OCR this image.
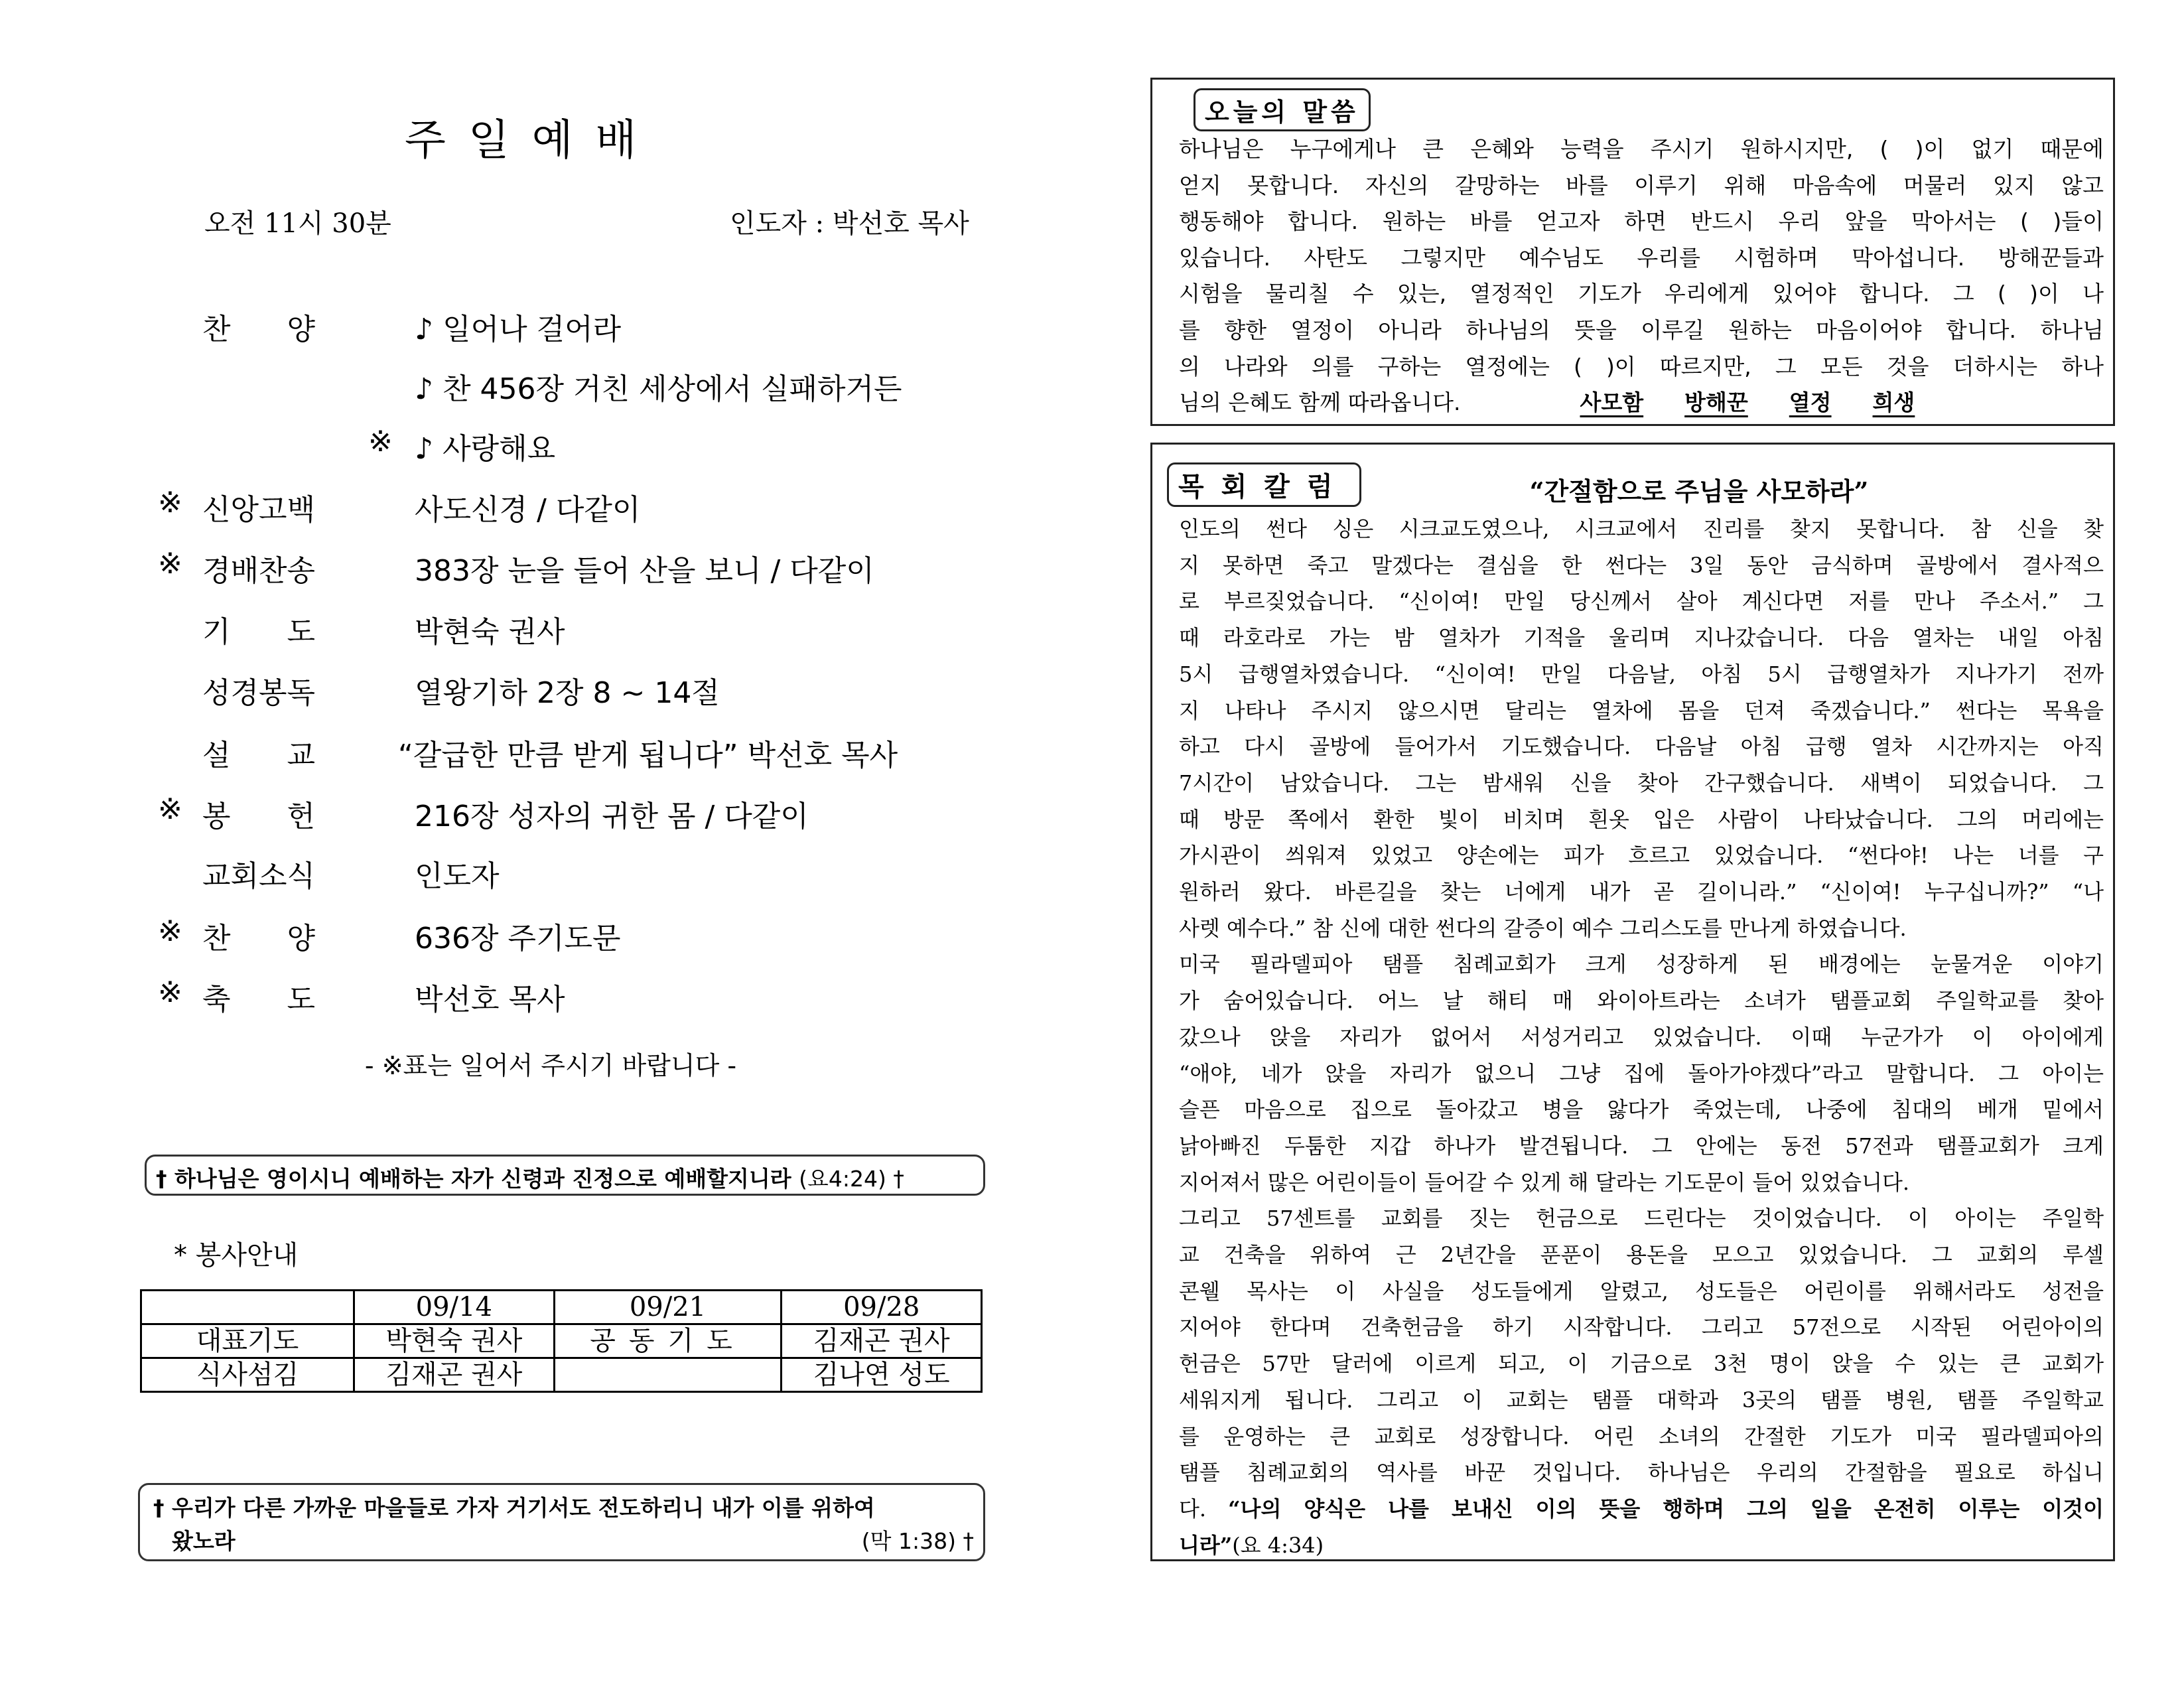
주일예배
오전 11시 30분	인도자 : 박선호 목사
찬양 ♪ 일어나 걸어라
♪ 찬 456장 거친 세상에서 실패하거든
※ ♪ 사랑해요
※ 신앙고백	사도신경 / 다같이
※ 경배찬송	383장 눈을 들어 산을 보니 / 다같이
기도 박현숙 권사
성경봉독	열왕기하 2장 8 ~ 14절
설교 “갈급한 만큼 받게 됩니다” 박선호 목사
※ 봉헌 216장 성자의 귀한 몸 / 다같이
교회소식	인도자
※ 찬양 636장 주기도문
※ 축도 박선호 목사
- ※표는 일어서 주시기 바랍니다 -
† 하나님은 영이시니 예배하는 자가 신령과 진정으로 예배할지니라 (요4:24) †
* 봉사안내
	09/14	09/21	09/28
대표기도	박현숙 권사	공동기도	김재곤 권사
식사섬김	김재곤 권사		김나연 성도
† 우리가 다른 가까운 마을들로 가자 거기서도 전도하리니 내가 이를 위하여
왔노라	(막 1:38) †
오늘의 말씀
하나님은 누구에게나 큰 은혜와 능력을 주시기 원하시지만, ( )이 없기 때문에
얻지 못합니다. 자신의 갈망하는 바를 이루기 위해 마음속에 머물러 있지 않고
행동해야 합니다. 원하는 바를 얻고자 하면 반드시 우리 앞을 막아서는 ( )들이
있습니다. 사탄도 그렇지만 예수님도 우리를 시험하며 막아섭니다. 방해꾼들과
시험을 물리칠 수 있는, 열정적인 기도가 우리에게 있어야 합니다. 그 ( )이 나
를 향한 열정이 아니라 하나님의 뜻을 이루길 원하는 마음이어야 합니다. 하나님
의 나라와 의를 구하는 열정에는 ( )이 따르지만, 그 모든 것을 더하시는 하나
님의 은혜도 함께 따라옵니다.	사모함 방해꾼 열정 희생
목회칼럼	“간절함으로 주님을 사모하라”
인도의 썬다 싱은 시크교도였으나, 시크교에서 진리를 찾지 못합니다. 참 신을 찾
지 못하면 죽고 말겠다는 결심을 한 썬다는 3일 동안 금식하며 골방에서 결사적으
로 부르짖었습니다. “신이여! 만일 당신께서 살아 계신다면 저를 만나 주소서.” 그
때 라호라로 가는 밤 열차가 기적을 울리며 지나갔습니다. 다음 열차는 내일 아침
5시 급행열차였습니다. “신이여! 만일 다음날, 아침 5시 급행열차가 지나가기 전까
지 나타나 주시지 않으시면 달리는 열차에 몸을 던져 죽겠습니다.” 썬다는 목욕을
하고 다시 골방에 들어가서 기도했습니다. 다음날 아침 급행 열차 시간까지는 아직
7시간이 남았습니다. 그는 밤새워 신을 찾아 간구했습니다. 새벽이 되었습니다. 그
때 방문 쪽에서 환한 빛이 비치며 흰옷 입은 사람이 나타났습니다. 그의 머리에는
가시관이 씌워져 있었고 양손에는 피가 흐르고 있었습니다. “썬다야! 나는 너를 구
원하러 왔다. 바른길을 찾는 너에게 내가 곧 길이니라.” “신이여! 누구십니까?” “나
사렛 예수다.” 참 신에 대한 썬다의 갈증이 예수 그리스도를 만나게 하였습니다.
미국 필라델피아 탬플 침례교회가 크게 성장하게 된 배경에는 눈물겨운 이야기
가 숨어있습니다. 어느 날 해티 매 와이아트라는 소녀가 탬플교회 주일학교를 찾아
갔으나 앉을 자리가 없어서 서성거리고 있었습니다. 이때 누군가가 이 아이에게
“애야, 네가 앉을 자리가 없으니 그냥 집에 돌아가야겠다”라고 말합니다. 그 아이는
슬픈 마음으로 집으로 돌아갔고 병을 앓다가 죽었는데, 나중에 침대의 베개 밑에서
낡아빠진 두툼한 지갑 하나가 발견됩니다. 그 안에는 동전 57전과 탬플교회가 크게
지어져서 많은 어린이들이 들어갈 수 있게 해 달라는 기도문이 들어 있었습니다.
그리고 57센트를 교회를 짓는 헌금으로 드린다는 것이었습니다. 이 아이는 주일학
교 건축을 위하여 근 2년간을 푼푼이 용돈을 모으고 있었습니다. 그 교회의 루셀
콘웰 목사는 이 사실을 성도들에게 알렸고, 성도들은 어린이를 위해서라도 성전을
지어야 한다며 건축헌금을 하기 시작합니다. 그리고 57전으로 시작된 어린아이의
헌금은 57만 달러에 이르게 되고, 이 기금으로 3천 명이 앉을 수 있는 큰 교회가
세워지게 됩니다. 그리고 이 교회는 탬플 대학과 3곳의 탬플 병원, 탬플 주일학교
를 운영하는 큰 교회로 성장합니다. 어린 소녀의 간절한 기도가 미국 필라델피아의
탬플 침례교회의 역사를 바꾼 것입니다. 하나님은 우리의 간절함을 필요로 하십니
다. “나의 양식은 나를 보내신 이의 뜻을 행하며 그의 일을 온전히 이루는 이것이
니라”(요 4:34)
